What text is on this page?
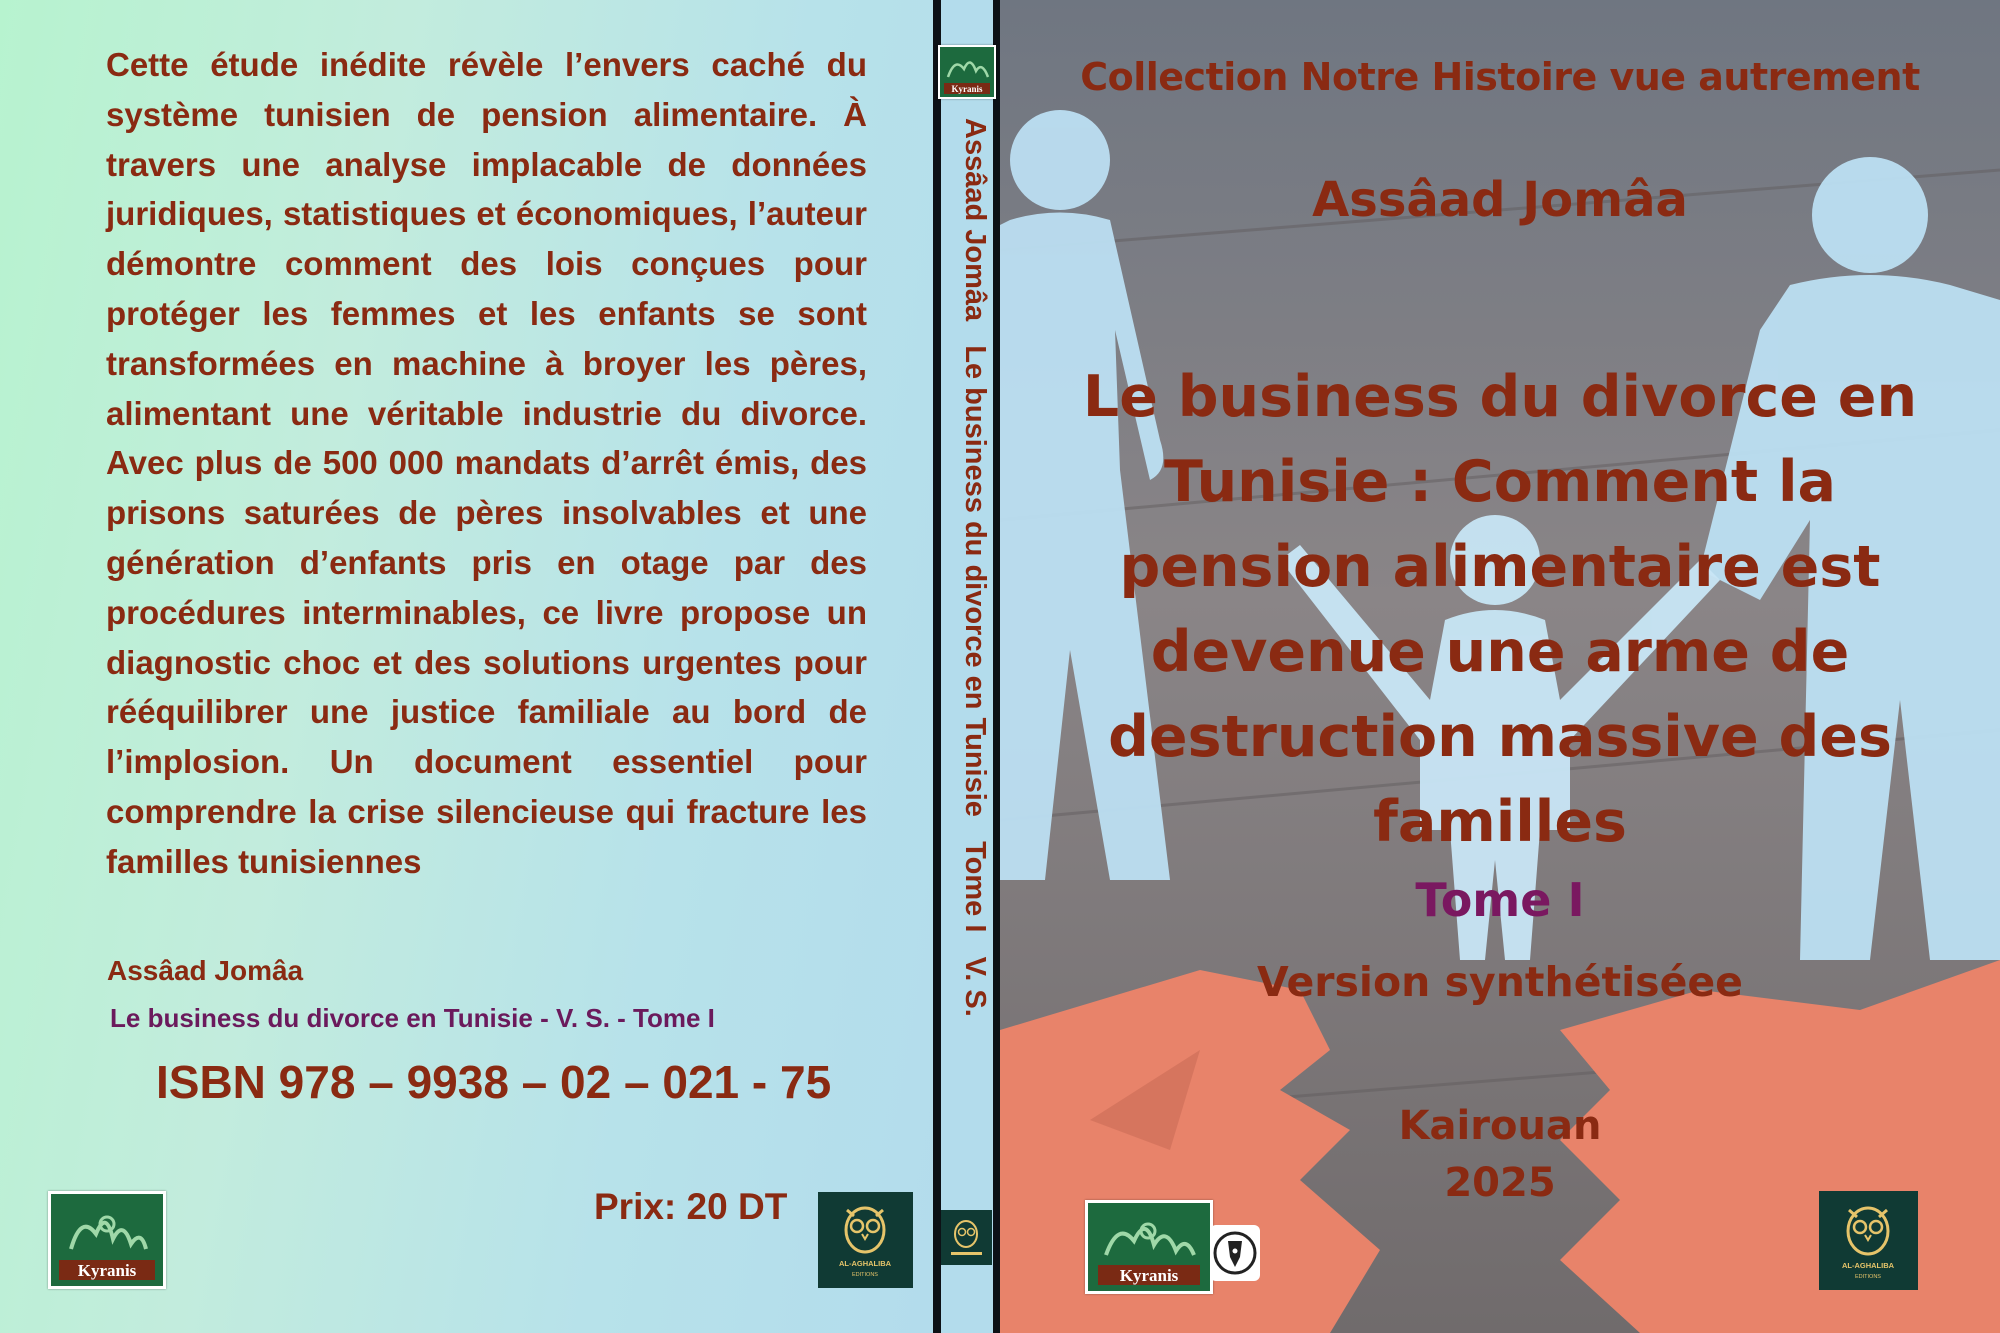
Cette étude inédite révèle l’envers caché du système tunisien de pension alimentaire. À travers une analyse implacable de données juridiques, statistiques et économiques, l’auteur démontre comment des lois conçues pour protéger les femmes et les enfants se sont transformées en machine à broyer les pères, alimentant une véritable industrie du divorce. Avec plus de 500 000 mandats d’arrêt émis, des prisons saturées de pères insolvables et une génération d’enfants pris en otage par des procédures interminables, ce livre propose un diagnostic choc et des solutions urgentes pour rééquilibrer une justice familiale au bord de l’implosion. Un document essentiel pour comprendre la crise silencieuse qui fracture les familles tunisiennes

Assâad Jomâa
Le business du divorce en Tunisie - V. S. - Tome I
ISBN 978 – 9938 – 02 – 021 - 75
Prix: 20 DT
Kyranis	AL-AGHALIBA
EDITIONS
Kyranis
Assâad Jomâa   Le business du divorce en Tunisie   Tome I   V. S.
Collection Notre Histoire vue autrement
Assâad Jomâa
Le business du divorce en Tunisie : Comment la pension alimentaire est devenue une arme de destruction massive des familles
Tome I
Version synthétiséee
Kairouan
2025
Kyranis
AL-AGHALIBA
EDITIONS
